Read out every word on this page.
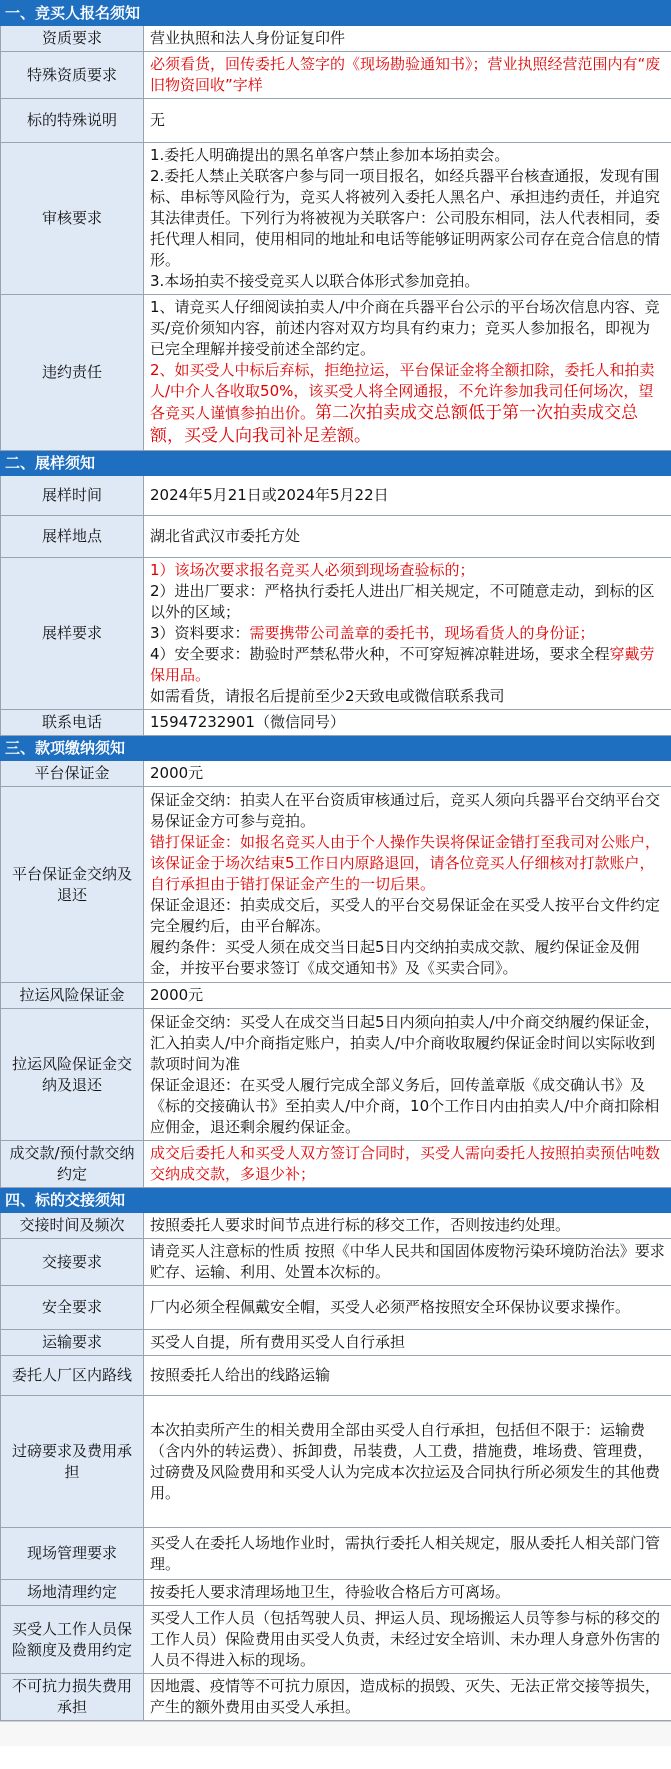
一、竞买人报名须知	
资质要求	营业执照和法人身份证复印件
特殊资质要求	必须看货，回传委托人签字的《现场勘验通知书》；营业执照经营范围内有“废旧物资回收”字样
标的特殊说明	无
审核要求	1.委托人明确提出的黑名单客户禁止参加本场拍卖会。
2.委托人禁止关联客户参与同一项目报名，如经兵器平台核查通报，发现有围标、串标等风险行为，竞买人将被列入委托人黑名户、承担违约责任，并追究其法律责任。下列行为将被视为关联客户：公司股东相同，法人代表相同，委托代理人相同，使用相同的地址和电话等能够证明两家公司存在竞合信息的情形。
3.本场拍卖不接受竞买人以联合体形式参加竞拍。

违约责任	1、请竞买人仔细阅读拍卖人/中介商在兵器平台公示的平台场次信息内容、竞买/竞价须知内容，前述内容对双方均具有约束力；竞买人参加报名，即视为已完全理解并接受前述全部约定。
2、如买受人中标后弃标，拒绝拉运，平台保证金将全额扣除，委托人和拍卖人/中介人各收取50%，该买受人将全网通报，不允许参加我司任何场次，望各竞买人谨慎参拍出价。第二次拍卖成交总额低于第一次拍卖成交总额，买受人向我司补足差额。
二、展样须知	
展样时间	2024年5月21日或2024年5月22日
展样地点	湖北省武汉市委托方处
展样要求	1）该场次要求报名竞买人必须到现场查验标的；
2）进出厂要求：严格执行委托人进出厂相关规定，不可随意走动，到标的区以外的区域；
3）资料要求：需要携带公司盖章的委托书，现场看货人的身份证；
4）安全要求：勘验时严禁私带火种，不可穿短裤凉鞋进场，要求全程穿戴劳保用品。
如需看货，请报名后提前至少2天致电或微信联系我司

联系电话	15947232901（微信同号）
三、款项缴纳须知	
平台保证金	2000元
平台保证金交纳及退还	保证金交纳：拍卖人在平台资质审核通过后，竞买人须向兵器平台交纳平台交易保证金方可参与竞拍。
错打保证金：如报名竞买人由于个人操作失误将保证金错打至我司对公账户，该保证金于场次结束5工作日内原路退回，请各位竞买人仔细核对打款账户，自行承担由于错打保证金产生的一切后果。
保证金退还：拍卖成交后，买受人的平台交易保证金在买受人按平台文件约定完全履约后，由平台解冻。
履约条件：买受人须在成交当日起5日内交纳拍卖成交款、履约保证金及佣金，并按平台要求签订《成交通知书》及《买卖合同》。

拉运风险保证金	2000元
拉运风险保证金交纳及退还	保证金交纳：买受人在成交当日起5日内须向拍卖人/中介商交纳履约保证金，汇入拍卖人/中介商指定账户，拍卖人/中介商收取履约保证金时间以实际收到款项时间为准
保证金退还：在买受人履行完成全部义务后，回传盖章版《成交确认书》及《标的交接确认书》至拍卖人/中介商，10个工作日内由拍卖人/中介商扣除相应佣金，退还剩余履约保证金。

成交款/预付款交纳约定	成交后委托人和买受人双方签订合同时，买受人需向委托人按照拍卖预估吨数交纳成交款，多退少补；
四、标的交接须知	
交接时间及频次	按照委托人要求时间节点进行标的移交工作，否则按违约处理。
交接要求	请竞买人注意标的性质 按照《中华人民共和国固体废物污染环境防治法》要求贮存、运输、利用、处置本次标的。
安全要求	厂内必须全程佩戴安全帽，买受人必须严格按照安全环保协议要求操作。
运输要求	买受人自提，所有费用买受人自行承担
委托人厂区内路线	按照委托人给出的线路运输
过磅要求及费用承担	本次拍卖所产生的相关费用全部由买受人自行承担，包括但不限于：运输费（含内外的转运费）、拆卸费，吊装费，人工费，措施费，堆场费、管理费，过磅费及风险费用和买受人认为完成本次拉运及合同执行所必须发生的其他费用。
现场管理要求	买受人在委托人场地作业时，需执行委托人相关规定，服从委托人相关部门管理。
场地清理约定	按委托人要求清理场地卫生，待验收合格后方可离场。
买受人工作人员保险额度及费用约定	买受人工作人员（包括驾驶人员、押运人员、现场搬运人员等参与标的移交的工作人员）保险费用由买受人负责，未经过安全培训、未办理人身意外伤害的人员不得进入标的现场。
不可抗力损失费用承担	因地震、疫情等不可抗力原因，造成标的损毁、灭失、无法正常交接等损失，产生的额外费用由买受人承担。
